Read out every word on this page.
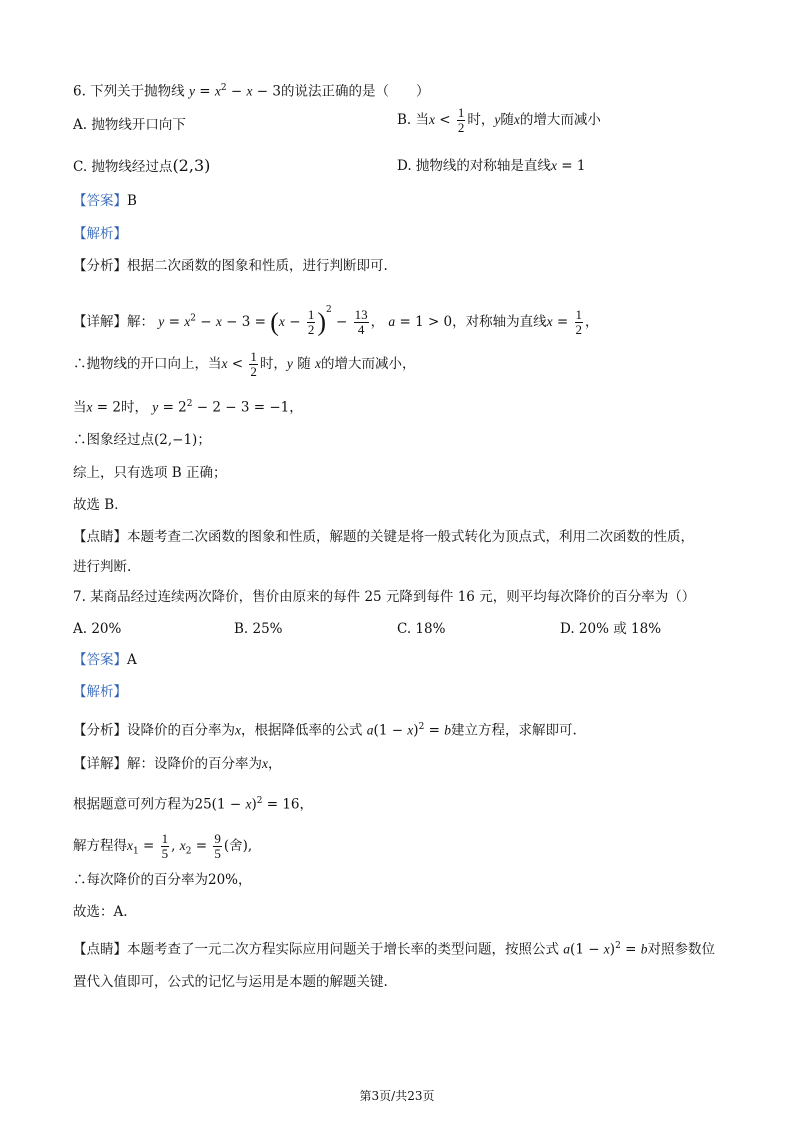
6. 下列关于抛物线 $y = x^2 - x - 3$的说法正确的是（　　）
A. 抛物线开口向下	B. 当$x < \frac{1}{2}$ 时，y随x的增大而减小
C. 抛物线经过点(2,3)	D. 抛物线的对称轴是直线x = 1
【答案】B
【解析】
【分析】根据二次函数的图象和性质，进行判断即可.
【详解】解： $y = x^2 - x - 3 = (x - \frac{1}{2} )^2 - \frac{13}{4}$ ， a = 1 > 0，对称轴为直线$x = \frac{1}{2}$ ，
∴抛物线的开口向上，当$x < \frac{1}{2}$ 时，y 随 x的增大而减小，
当x = 2时， $y = 2^2 - 2 - 3 = -1$，
∴图象经过点(2,−1)；
综上，只有选项 B 正确；
故选 B．
【点睛】本题考查二次函数的图象和性质，解题的关键是将一般式转化为顶点式，利用二次函数的性质，
进行判断.
7. 某商品经过连续两次降价，售价由原来的每件 25 元降到每件 16 元，则平均每次降价的百分率为（）
A. 20%	B. 25%	C. 18%	D. 20% 或 18%
【答案】A
【解析】
【分析】设降价的百分率为x，根据降低率的公式 $a(1 - x)^2 = b$建立方程，求解即可.
【详解】解：设降价的百分率为x，
根据题意可列方程为$25(1 - x)^2 = 16$，
解方程得$x_1 = \frac{1}{5}$ , $x_2 = \frac{9}{5}$ (舍),
∴每次降价的百分率为20%，
故选：A.
【点睛】本题考查了一元二次方程实际应用问题关于增长率的类型问题，按照公式 $a(1 - x)^2 = b$对照参数位
置代入值即可，公式的记忆与运用是本题的解题关键.
第3页/共23页
